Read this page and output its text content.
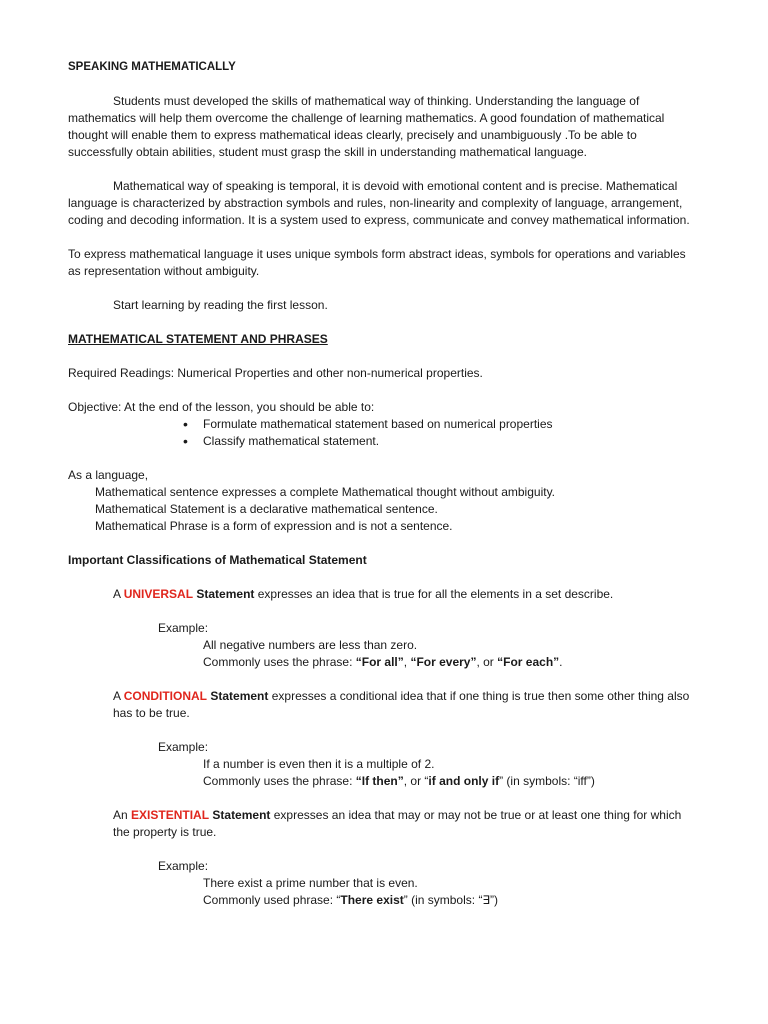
SPEAKING MATHEMATICALLY

Students must developed the skills of mathematical way of thinking. Understanding the language of mathematics will help them overcome the challenge of learning mathematics. A good foundation of mathematical thought will enable them to express mathematical ideas clearly, precisely and unambiguously .To be able to successfully obtain abilities, student must grasp the skill in understanding mathematical language.

Mathematical way of speaking is temporal, it is devoid with emotional content and is precise. Mathematical language is characterized by abstraction symbols and rules, non-linearity and complexity of language, arrangement, coding and decoding information. It is a system used to express, communicate and convey mathematical information.

To express mathematical language it uses unique symbols form abstract ideas, symbols for operations and variables as representation without ambiguity.

Start learning by reading the first lesson.

MATHEMATICAL STATEMENT AND PHRASES

Required Readings: Numerical Properties and other non-numerical properties.

Objective: At the end of the lesson, you should be able to:

• Formulate mathematical statement based on numerical properties
• Classify mathematical statement.

As a language,

Mathematical sentence expresses a complete Mathematical thought without ambiguity.

Mathematical Statement is a declarative mathematical sentence.

Mathematical Phrase is a form of expression and is not a sentence.

Important Classifications of Mathematical Statement

A UNIVERSAL Statement expresses an idea that is true for all the elements in a set describe.

Example:

All negative numbers are less than zero.

Commonly uses the phrase: “For all”, “For every”, or “For each”.

A CONDITIONAL Statement expresses a conditional idea that if one thing is true then some other thing also has to be true.

Example:

If a number is even then it is a multiple of 2.

Commonly uses the phrase: “If then”, or “if and only if” (in symbols: “iff”)

An EXISTENTIAL Statement expresses an idea that may or may not be true or at least one thing for which the property is true.

Example:

There exist a prime number that is even.

Commonly used phrase: “There exist” (in symbols: “∃”)
